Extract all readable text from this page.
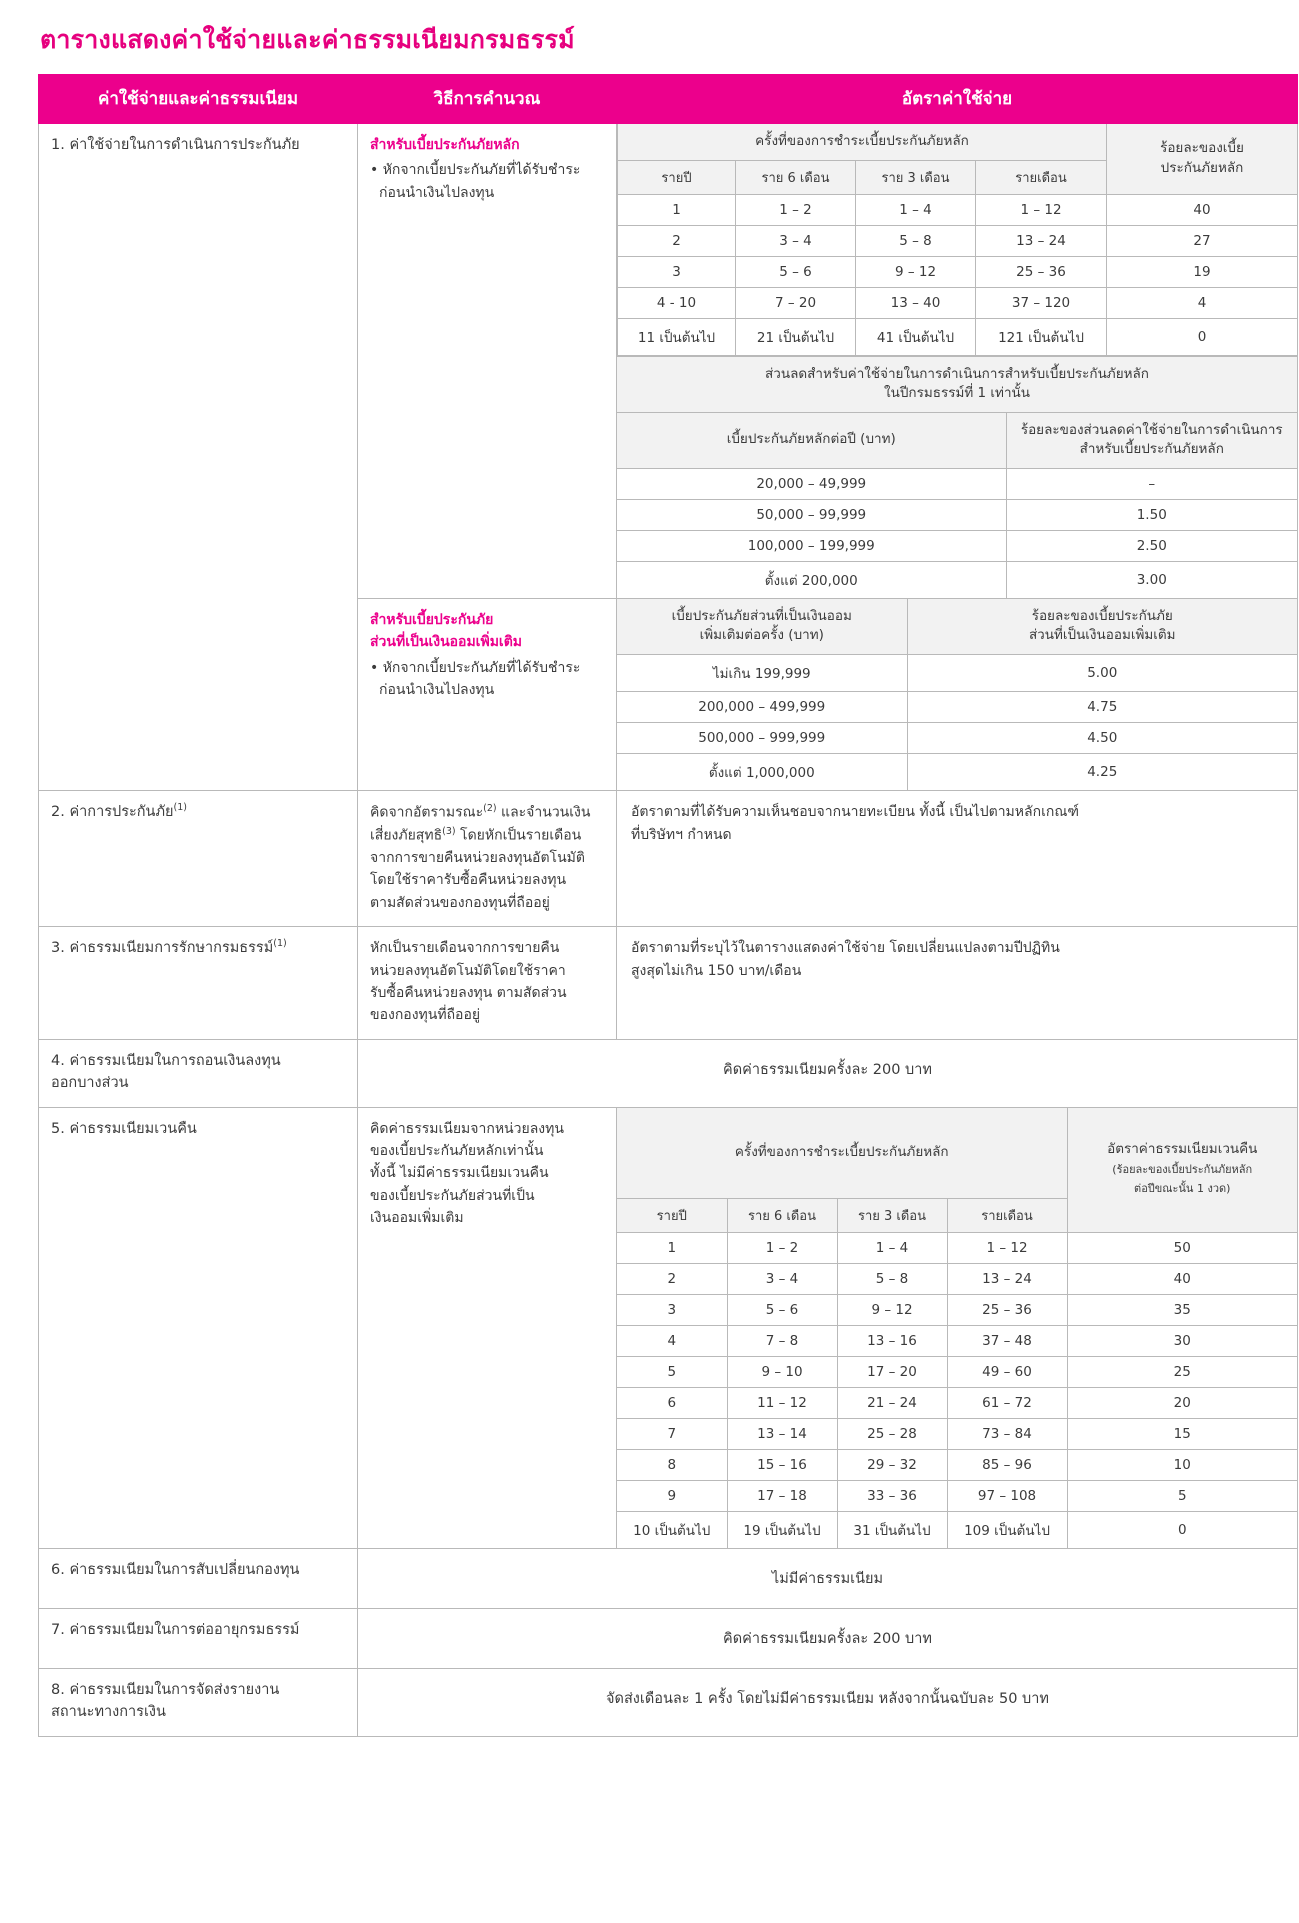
ตารางแสดงค่าใช้จ่ายและค่าธรรมเนียมกรมธรรม์
ค่าใช้จ่ายและค่าธรรมเนียม	วิธีการคำนวณ	อัตราค่าใช้จ่าย

1. ค่าใช้จ่ายในการดำเนินการประกันภัย	สำหรับเบี้ยประกันภัยหลัก
• หักจากเบี้ยประกันภัยที่ได้รับชำระ
ก่อนนำเงินไปลงทุน

ครั้งที่ของการชำระเบี้ยประกันภัยหลัก	ร้อยละของเบี้ย
ประกันภัยหลัก
รายปี	ราย 6 เดือน	ราย 3 เดือน	รายเดือน
1	1 – 2	1 – 4	1 – 12	40
2	3 – 4	5 – 8	13 – 24	27
3	5 – 6	9 – 12	25 – 36	19
4 - 10	7 – 20	13 – 40	37 – 120	4
11 เป็นต้นไป	21 เป็นต้นไป	41 เป็นต้นไป	121 เป็นต้นไป	0
ส่วนลดสำหรับค่าใช้จ่ายในการดำเนินการสำหรับเบี้ยประกันภัยหลัก
ในปีกรมธรรม์ที่ 1 เท่านั้น
เบี้ยประกันภัยหลักต่อปี (บาท)	ร้อยละของส่วนลดค่าใช้จ่ายในการดำเนินการ
สำหรับเบี้ยประกันภัยหลัก
20,000 – 49,999	–
50,000 – 99,999	1.50
100,000 – 199,999	2.50
ตั้งแต่ 200,000	3.00

สำหรับเบี้ยประกันภัย
ส่วนที่เป็นเงินออมเพิ่มเติม
• หักจากเบี้ยประกันภัยที่ได้รับชำระ
ก่อนนำเงินไปลงทุน

เบี้ยประกันภัยส่วนที่เป็นเงินออม
เพิ่มเติมต่อครั้ง (บาท)	ร้อยละของเบี้ยประกันภัย
ส่วนที่เป็นเงินออมเพิ่มเติม
ไม่เกิน 199,999	5.00
200,000 – 499,999	4.75
500,000 – 999,999	4.50
ตั้งแต่ 1,000,000	4.25

2. ค่าการประกันภัย$^{(1)}$	คิดจากอัตรามรณะ$^{(2)}$ และจำนวนเงิน
เสี่ยงภัยสุทธิ$^{(3)}$ โดยหักเป็นรายเดือน
จากการขายคืนหน่วยลงทุนอัตโนมัติ
โดยใช้ราคารับซื้อคืนหน่วยลงทุน
ตามสัดส่วนของกองทุนที่ถืออยู่

อัตราตามที่ได้รับความเห็นชอบจากนายทะเบียน ทั้งนี้ เป็นไปตามหลักเกณฑ์
ที่บริษัทฯ กำหนด

3. ค่าธรรมเนียมการรักษากรมธรรม์$^{(1)}$	หักเป็นรายเดือนจากการขายคืน
หน่วยลงทุนอัตโนมัติโดยใช้ราคา
รับซื้อคืนหน่วยลงทุน ตามสัดส่วน
ของกองทุนที่ถืออยู่

อัตราตามที่ระบุไว้ในตารางแสดงค่าใช้จ่าย โดยเปลี่ยนแปลงตามปีปฏิทิน
สูงสุดไม่เกิน 150 บาท/เดือน

4. ค่าธรรมเนียมในการถอนเงินลงทุน
ออกบางส่วน

คิดค่าธรรมเนียมครั้งละ 200 บาท

5. ค่าธรรมเนียมเวนคืน	คิดค่าธรรมเนียมจากหน่วยลงทุน
ของเบี้ยประกันภัยหลักเท่านั้น
ทั้งนี้ ไม่มีค่าธรรมเนียมเวนคืน
ของเบี้ยประกันภัยส่วนที่เป็น
เงินออมเพิ่มเติม

ครั้งที่ของการชำระเบี้ยประกันภัยหลัก	อัตราค่าธรรมเนียมเวนคืน
(ร้อยละของเบี้ยประกันภัยหลัก
ต่อปีขณะนั้น 1 งวด)
รายปี	ราย 6 เดือน	ราย 3 เดือน	รายเดือน
1	1 – 2	1 – 4	1 – 12	50
2	3 – 4	5 – 8	13 – 24	40
3	5 – 6	9 – 12	25 – 36	35
4	7 – 8	13 – 16	37 – 48	30
5	9 – 10	17 – 20	49 – 60	25
6	11 – 12	21 – 24	61 – 72	20
7	13 – 14	25 – 28	73 – 84	15
8	15 – 16	29 – 32	85 – 96	10
9	17 – 18	33 – 36	97 – 108	5
10 เป็นต้นไป	19 เป็นต้นไป	31 เป็นต้นไป	109 เป็นต้นไป	0

6. ค่าธรรมเนียมในการสับเปลี่ยนกองทุน

ไม่มีค่าธรรมเนียม

7. ค่าธรรมเนียมในการต่ออายุกรมธรรม์

คิดค่าธรรมเนียมครั้งละ 200 บาท

8. ค่าธรรมเนียมในการจัดส่งรายงาน
สถานะทางการเงิน

จัดส่งเดือนละ 1 ครั้ง โดยไม่มีค่าธรรมเนียม หลังจากนั้นฉบับละ 50 บาท
